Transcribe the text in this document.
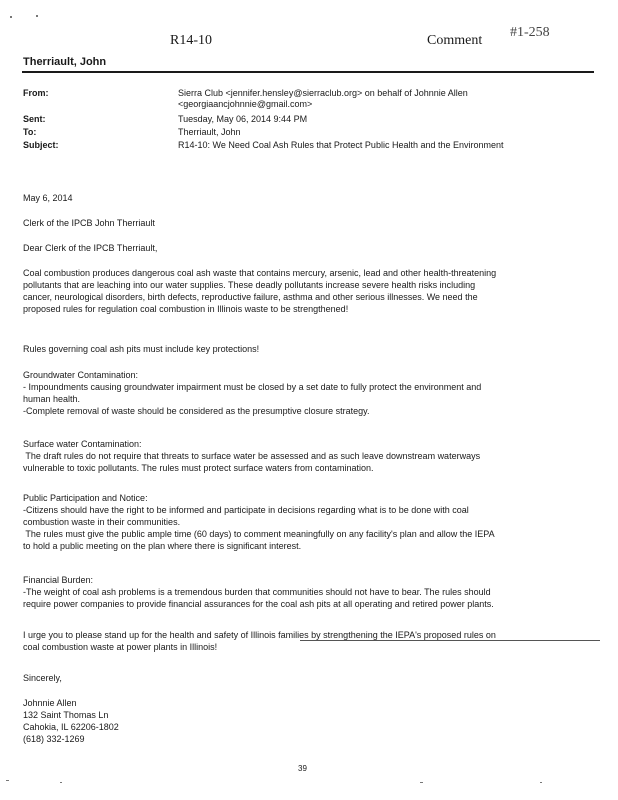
R14-10	Comment
#1-258
Therriault, John
From:	Sierra Club <jennifer.hensley@sierraclub.org> on behalf of Johnnie Allen
<georgiaancjohnnie@gmail.com>
Sent:	Tuesday, May 06, 2014 9:44 PM
To:	Therriault, John
Subject:	R14-10: We Need Coal Ash Rules that Protect Public Health and the Environment
May 6, 2014
Clerk of the IPCB John Therriault
Dear Clerk of the IPCB Therriault,

Coal combustion produces dangerous coal ash waste that contains mercury, arsenic, lead and other health-threatening

pollutants that are leaching into our water supplies. These deadly pollutants increase severe health risks including

cancer, neurological disorders, birth defects, reproductive failure, asthma and other serious illnesses. We need the

proposed rules for regulation coal combustion in Illinois waste to be strengthened!

Rules governing coal ash pits must include key protections!

Groundwater Contamination:

- Impoundments causing groundwater impairment must be closed by a set date to fully protect the environment and

human health.

-Complete removal of waste should be considered as the presumptive closure strategy.

Surface water Contamination:

The draft rules do not require that threats to surface water be assessed and as such leave downstream waterways

vulnerable to toxic pollutants. The rules must protect surface waters from contamination.

Public Participation and Notice:

-Citizens should have the right to be informed and participate in decisions regarding what is to be done with coal

combustion waste in their communities.

The rules must give the public ample time (60 days) to comment meaningfully on any facility's plan and allow the IEPA

to hold a public meeting on the plan where there is significant interest.

Financial Burden:

-The weight of coal ash problems is a tremendous burden that communities should not have to bear. The rules should

require power companies to provide financial assurances for the coal ash pits at all operating and retired power plants.

I urge you to please stand up for the health and safety of Illinois families by strengthening the IEPA's proposed rules on

coal combustion waste at power plants in Illinois!

Sincerely,

Johnnie Allen

132 Saint Thomas Ln

Cahokia, IL 62206-1802

(618) 332-1269

39
